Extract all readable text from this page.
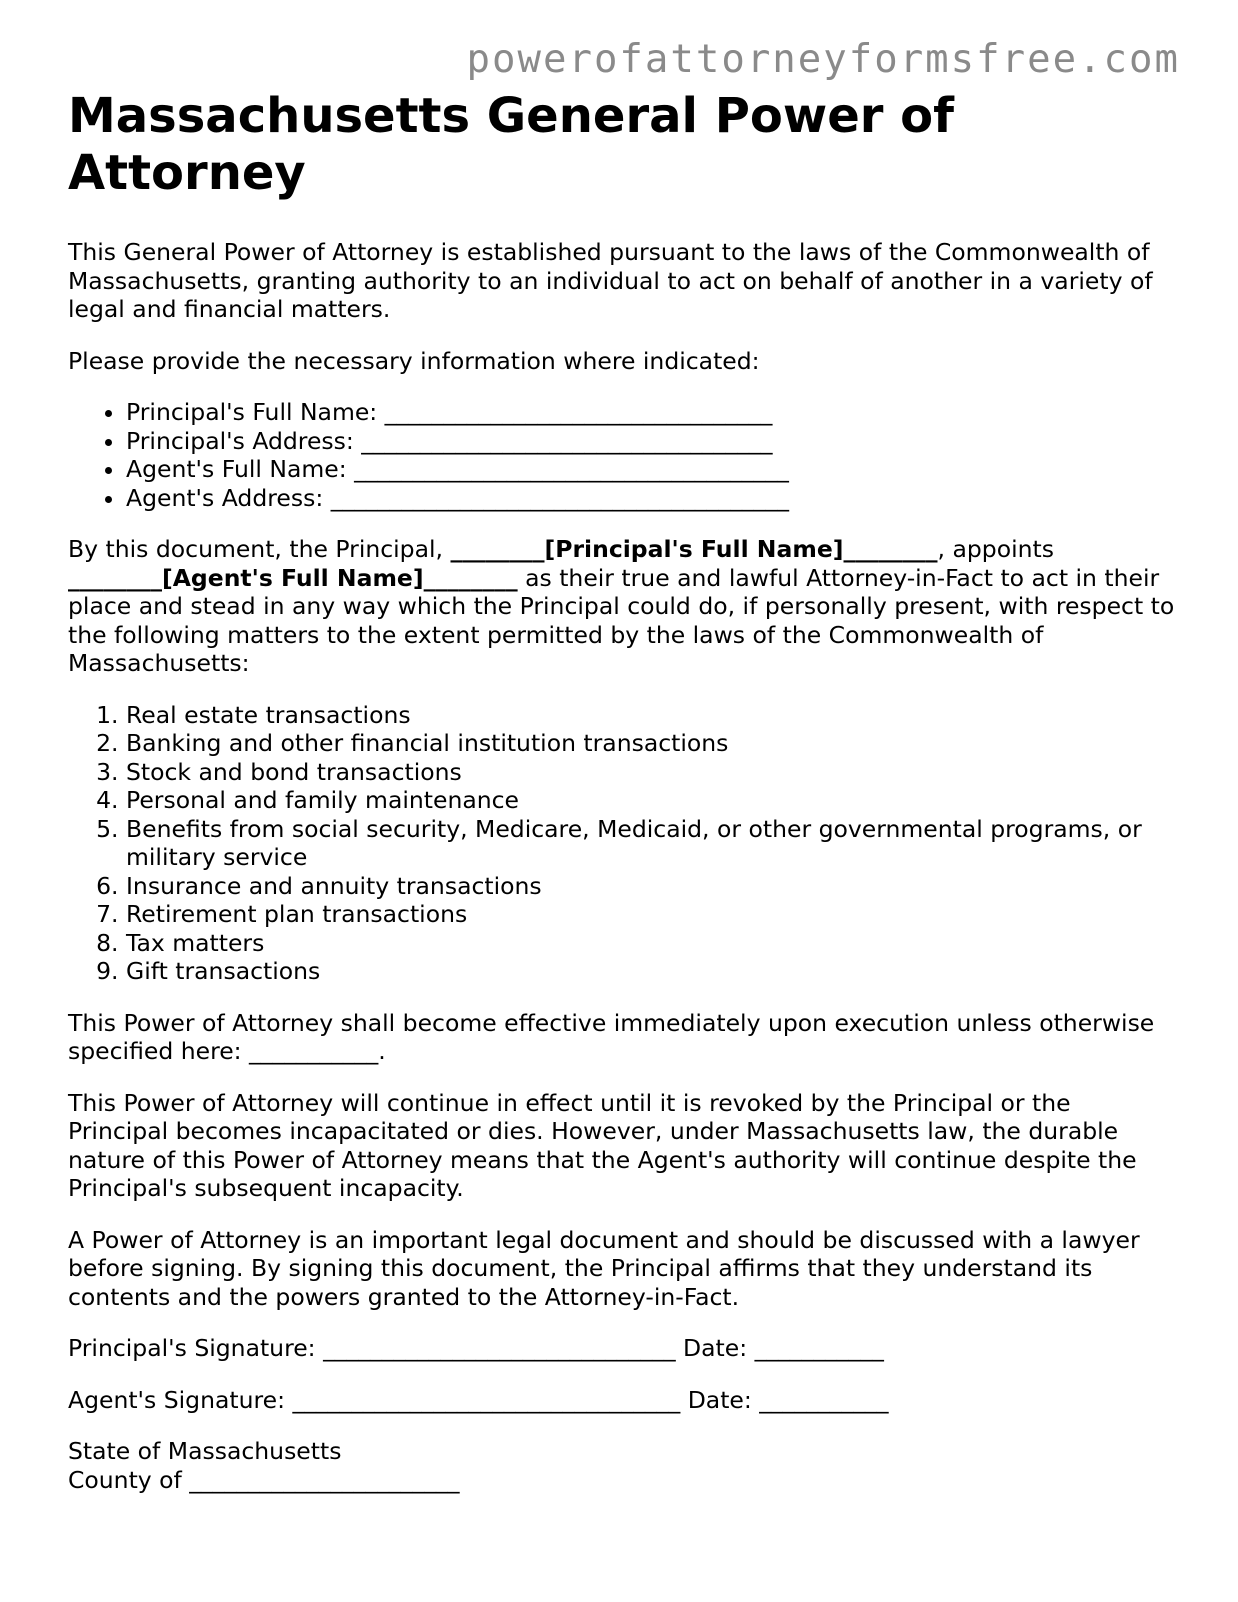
powerofattorneyformsfree.com
Massachusetts General Power of Attorney

This General Power of Attorney is established pursuant to the laws of the Commonwealth of Massachusetts, granting authority to an individual to act on behalf of another in a variety of legal and financial matters.

Please provide the necessary information where indicated:

• Principal's Full Name: _________________________________
• Principal's Address: ___________________________________
• Agent's Full Name: _____________________________________
• Agent's Address: _______________________________________

By this document, the Principal, ________[Principal's Full Name]________, appoints ________[Agent's Full Name]________ as their true and lawful Attorney-in-Fact to act in their place and stead in any way which the Principal could do, if personally present, with respect to the following matters to the extent permitted by the laws of the Commonwealth of Massachusetts:

1. Real estate transactions
2. Banking and other financial institution transactions
3. Stock and bond transactions
4. Personal and family maintenance
5. Benefits from social security, Medicare, Medicaid, or other governmental programs, or military service
6. Insurance and annuity transactions
7. Retirement plan transactions
8. Tax matters
9. Gift transactions

This Power of Attorney shall become effective immediately upon execution unless otherwise specified here: ___________.

This Power of Attorney will continue in effect until it is revoked by the Principal or the Principal becomes incapacitated or dies. However, under Massachusetts law, the durable nature of this Power of Attorney means that the Agent's authority will continue despite the Principal's subsequent incapacity.

A Power of Attorney is an important legal document and should be discussed with a lawyer before signing. By signing this document, the Principal affirms that they understand its contents and the powers granted to the Attorney-in-Fact.

Principal's Signature: ______________________________ Date: ___________

Agent's Signature: _________________________________ Date: ___________

State of Massachusetts

County of _______________________
